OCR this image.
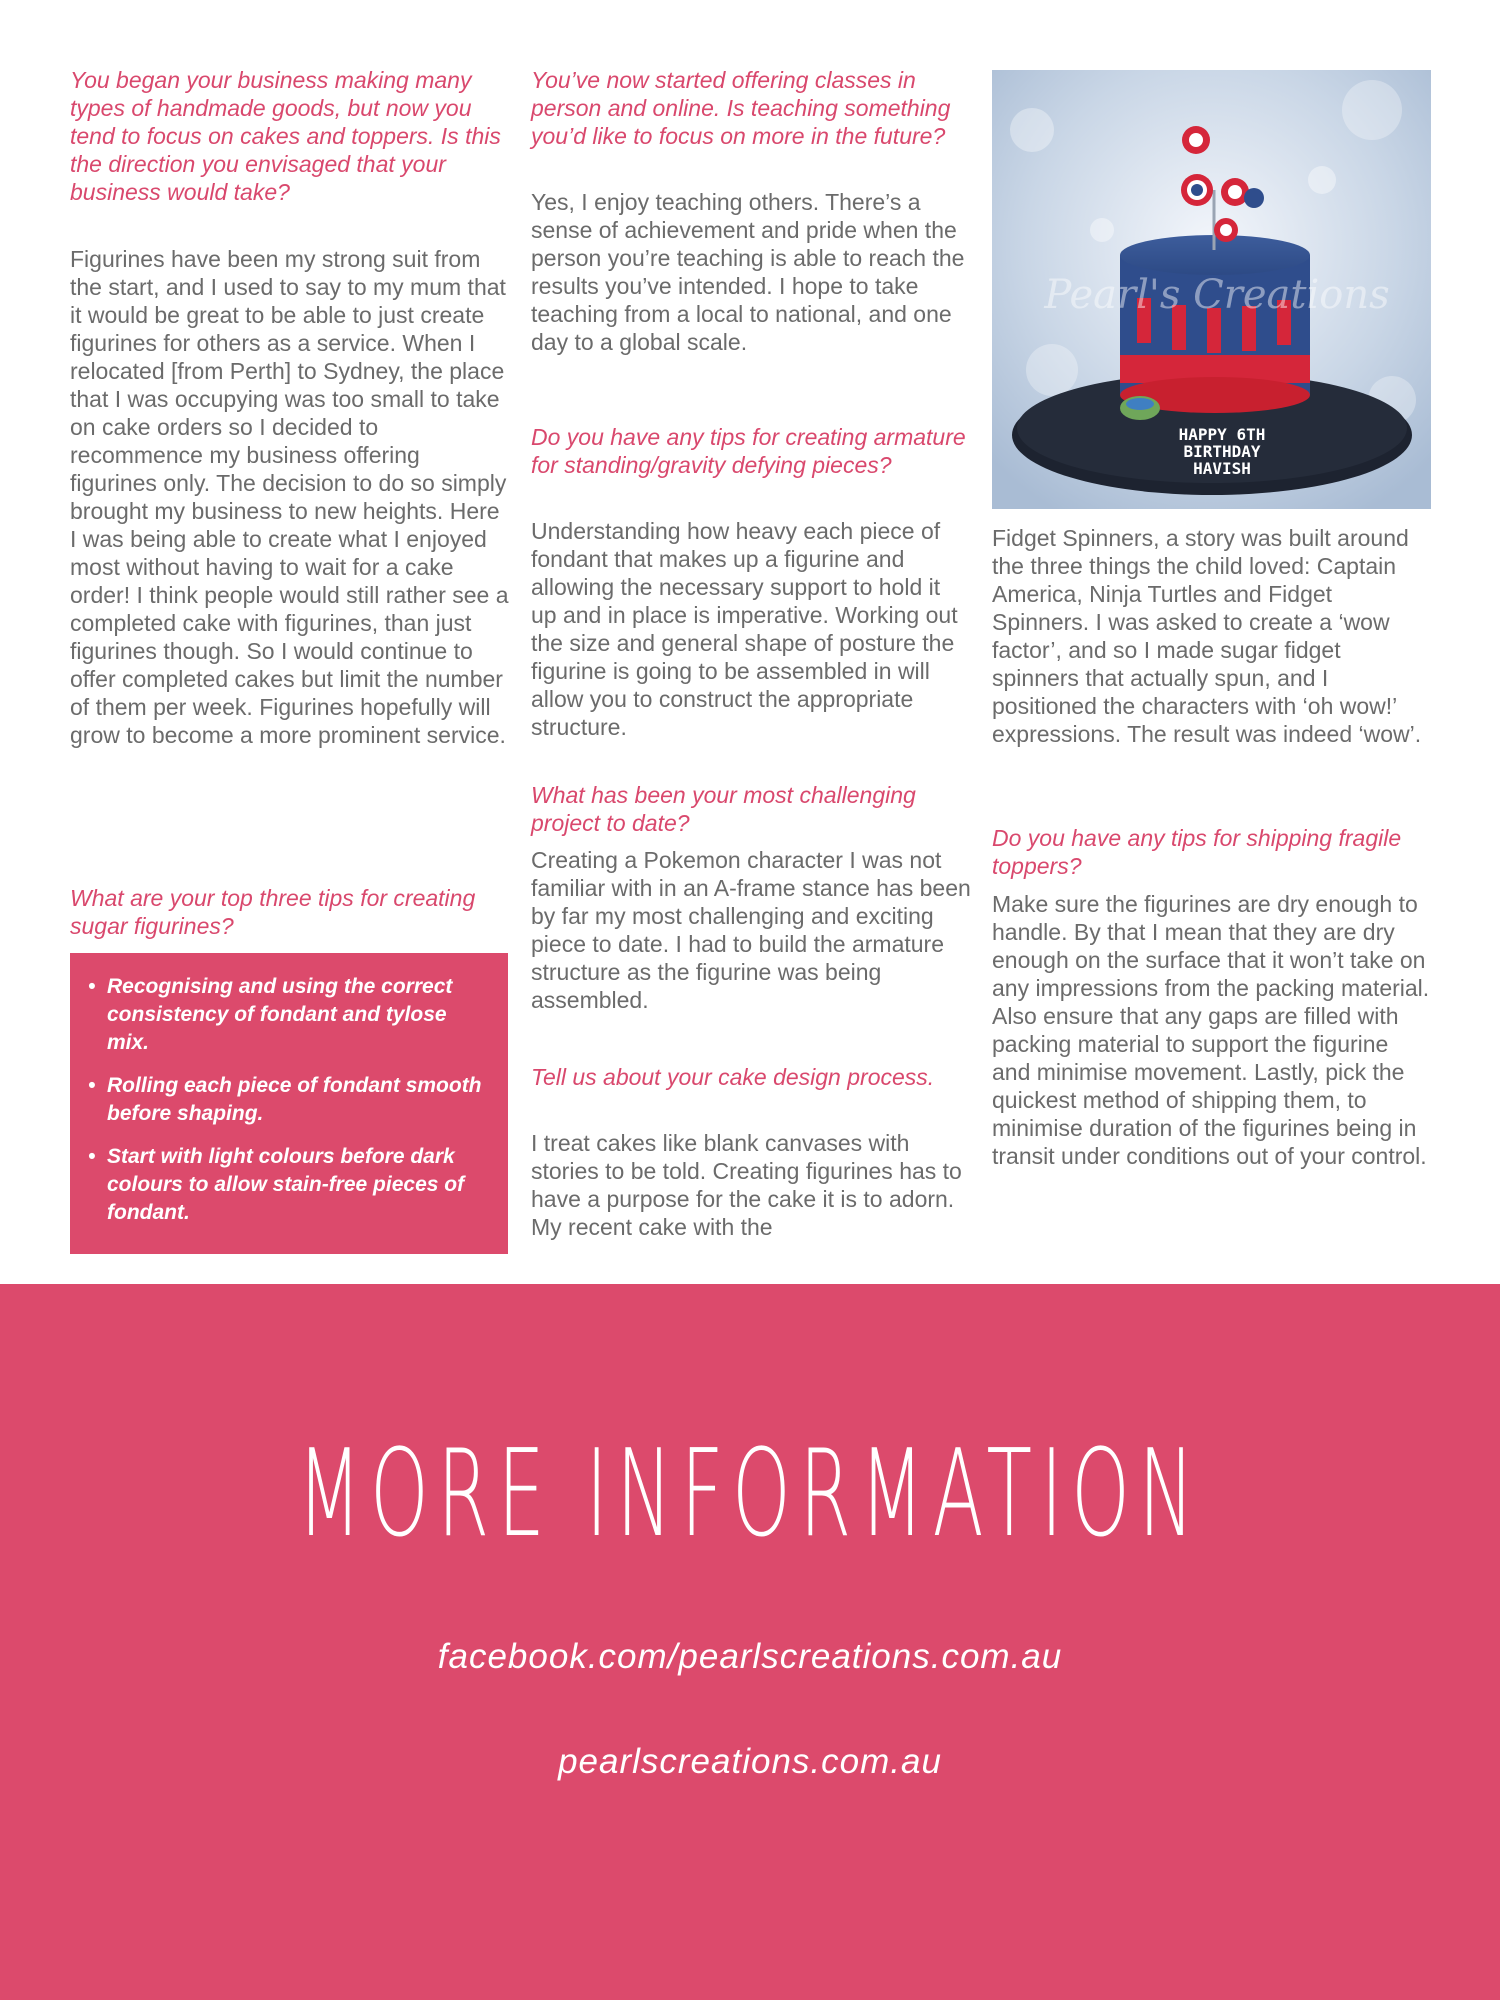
You began your business making many types of handmade goods, but now you tend to focus on cakes and toppers. Is this the direction you envisaged that your business would take?
Figurines have been my strong suit from the start, and I used to say to my mum that it would be great to be able to just create figurines for others as a service. When I relocated [from Perth] to Sydney, the place that I was occupying was too small to take on cake orders so I decided to recommence my business offering figurines only. The decision to do so simply brought my business to new heights. Here I was being able to create what I enjoyed most without having to wait for a cake order! I think people would still rather see a completed cake with figurines, than just figurines though. So I would continue to offer completed cakes but limit the number of them per week. Figurines hopefully will grow to become a more prominent service.
What are your top three tips for creating sugar figurines?
• Recognising and using the correct consistency of fondant and tylose mix.
• Rolling each piece of fondant smooth before shaping.
• Start with light colours before dark colours to allow stain-free pieces of fondant.
You’ve now started offering classes in person and online. Is teaching something you’d like to focus on more in the future?
Yes, I enjoy teaching others. There’s a sense of achievement and pride when the person you’re teaching is able to reach the results you’ve intended. I hope to take teaching from a local to national, and one day to a global scale.
Do you have any tips for creating armature for standing/gravity defying pieces?
Understanding how heavy each piece of fondant that makes up a figurine and allowing the necessary support to hold it up and in place is imperative. Working out the size and general shape of posture the figurine is going to be assembled in will allow you to construct the appropriate structure.
What has been your most challenging project to date?
Creating a Pokemon character I was not familiar with in an A-frame stance has been by far my most challenging and exciting piece to date. I had to build the armature structure as the figurine was being assembled.
Tell us about your cake design process.
I treat cakes like blank canvases with stories to be told. Creating figurines has to have a purpose for the cake it is to adorn. My recent cake with the
HAPPY 6TH
BIRTHDAY
HAVISH
Pearl's Creations
Fidget Spinners, a story was built around the three things the child loved: Captain America, Ninja Turtles and Fidget Spinners. I was asked to create a ‘wow factor’, and so I made sugar fidget spinners that actually spun, and I positioned the characters with ‘oh wow!’ expressions. The result was indeed ‘wow’.
Do you have any tips for shipping fragile toppers?
Make sure the figurines are dry enough to handle. By that I mean that they are dry enough on the surface that it won’t take on any impressions from the packing material. Also ensure that any gaps are filled with packing material to support the figurine and minimise movement. Lastly, pick the quickest method of shipping them, to minimise duration of the figurines being in transit under conditions out of your control.
MORE INFORMATION
facebook.com/pearlscreations.com.au
pearlscreations.com.au
